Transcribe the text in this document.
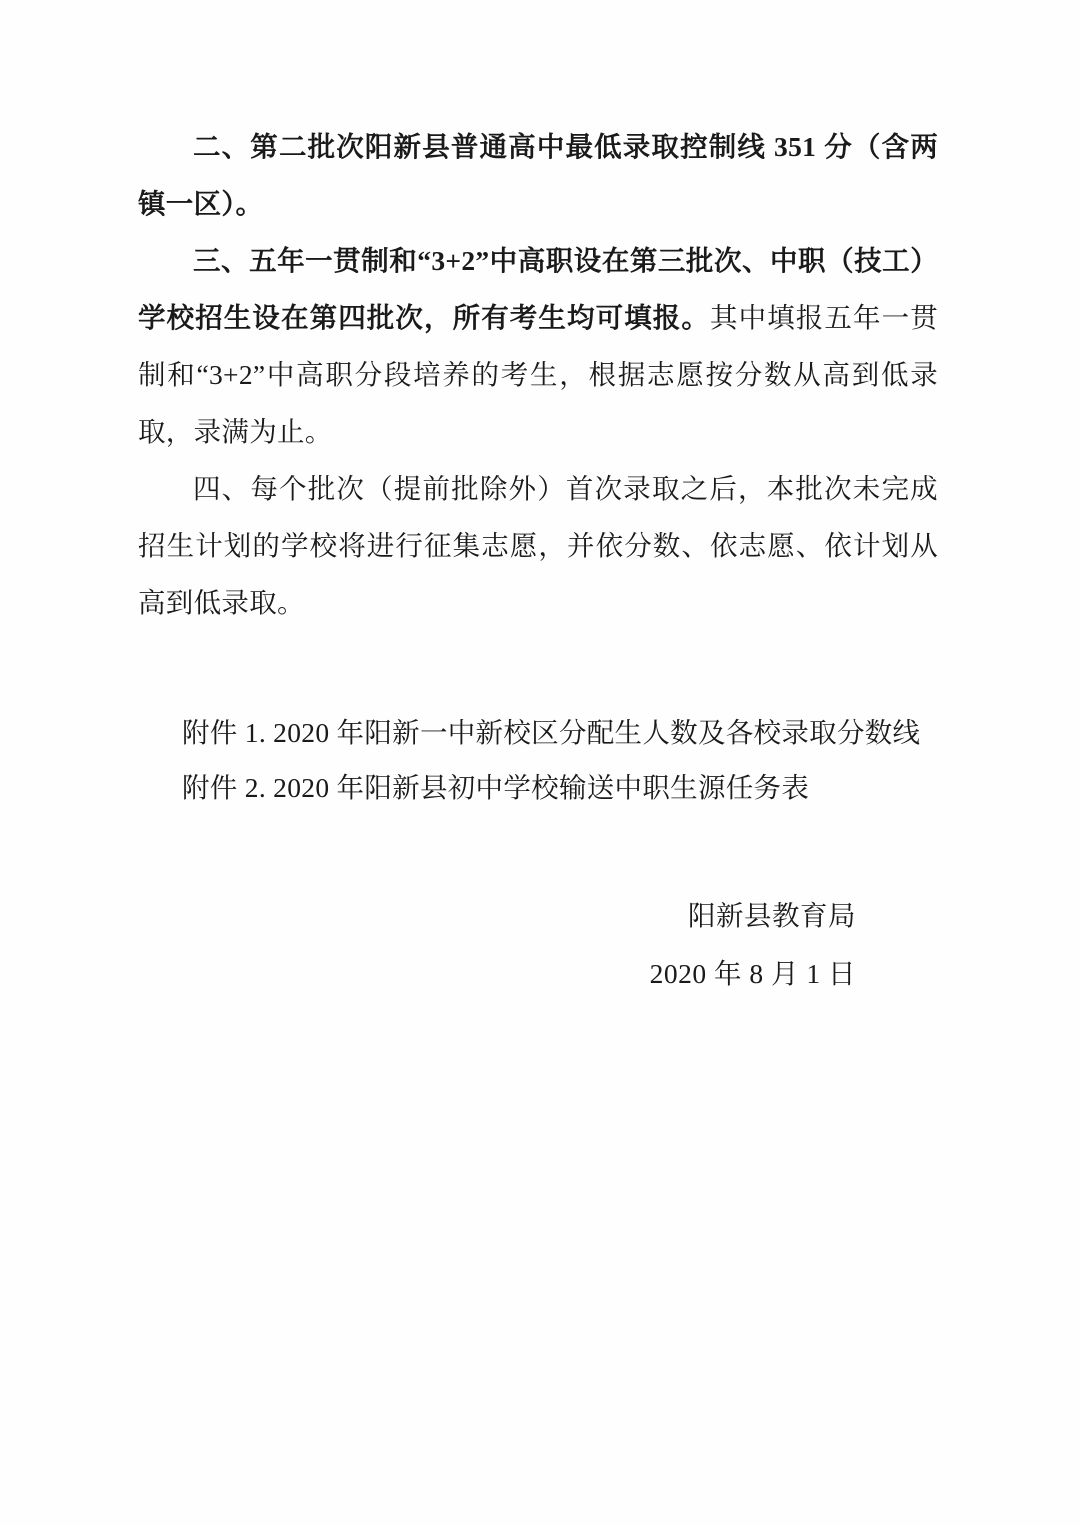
二、第二批次阳新县普通高中最低录取控制线 351 分（含两镇一区）。

三、五年一贯制和“3+2”中高职设在第三批次、中职（技工）学校招生设在第四批次，所有考生均可填报。其中填报五年一贯制和“3+2”中高职分段培养的考生，根据志愿按分数从高到低录取，录满为止。

四、每个批次（提前批除外）首次录取之后，本批次未完成招生计划的学校将进行征集志愿，并依分数、依志愿、依计划从高到低录取。

附件 1. 2020 年阳新一中新校区分配生人数及各校录取分数线
附件 2. 2020 年阳新县初中学校输送中职生源任务表
阳新县教育局
2020 年 8 月 1 日
